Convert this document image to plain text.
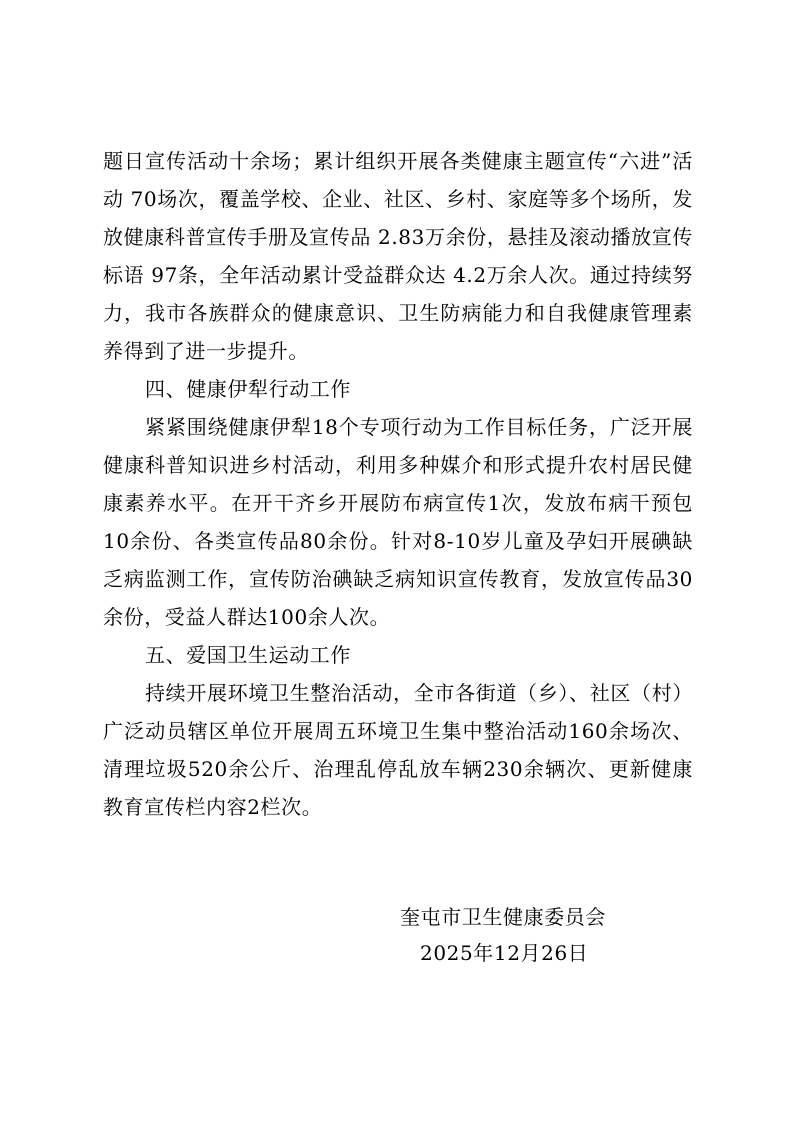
题日宣传活动十余场；累计组织开展各类健康主题宣传“六进”活动 70场次，覆盖学校、企业、社区、乡村、家庭等多个场所，发放健康科普宣传手册及宣传品 2.83万余份，悬挂及滚动播放宣传标语 97条，全年活动累计受益群众达 4.2万余人次。通过持续努力，我市各族群众的健康意识、卫生防病能力和自我健康管理素养得到了进一步提升。

四、健康伊犁行动工作

紧紧围绕健康伊犁18个专项行动为工作目标任务，广泛开展健康科普知识进乡村活动，利用多种媒介和形式提升农村居民健康素养水平。在开干齐乡开展防布病宣传1次，发放布病干预包10余份、各类宣传品80余份。针对8-10岁儿童及孕妇开展碘缺乏病监测工作，宣传防治碘缺乏病知识宣传教育，发放宣传品30余份，受益人群达100余人次。

五、爱国卫生运动工作

持续开展环境卫生整治活动，全市各街道（乡）、社区（村）广泛动员辖区单位开展周五环境卫生集中整治活动160余场次、清理垃圾520余公斤、治理乱停乱放车辆230余辆次、更新健康教育宣传栏内容2栏次。

奎屯市卫生健康委员会
2025年12月26日
